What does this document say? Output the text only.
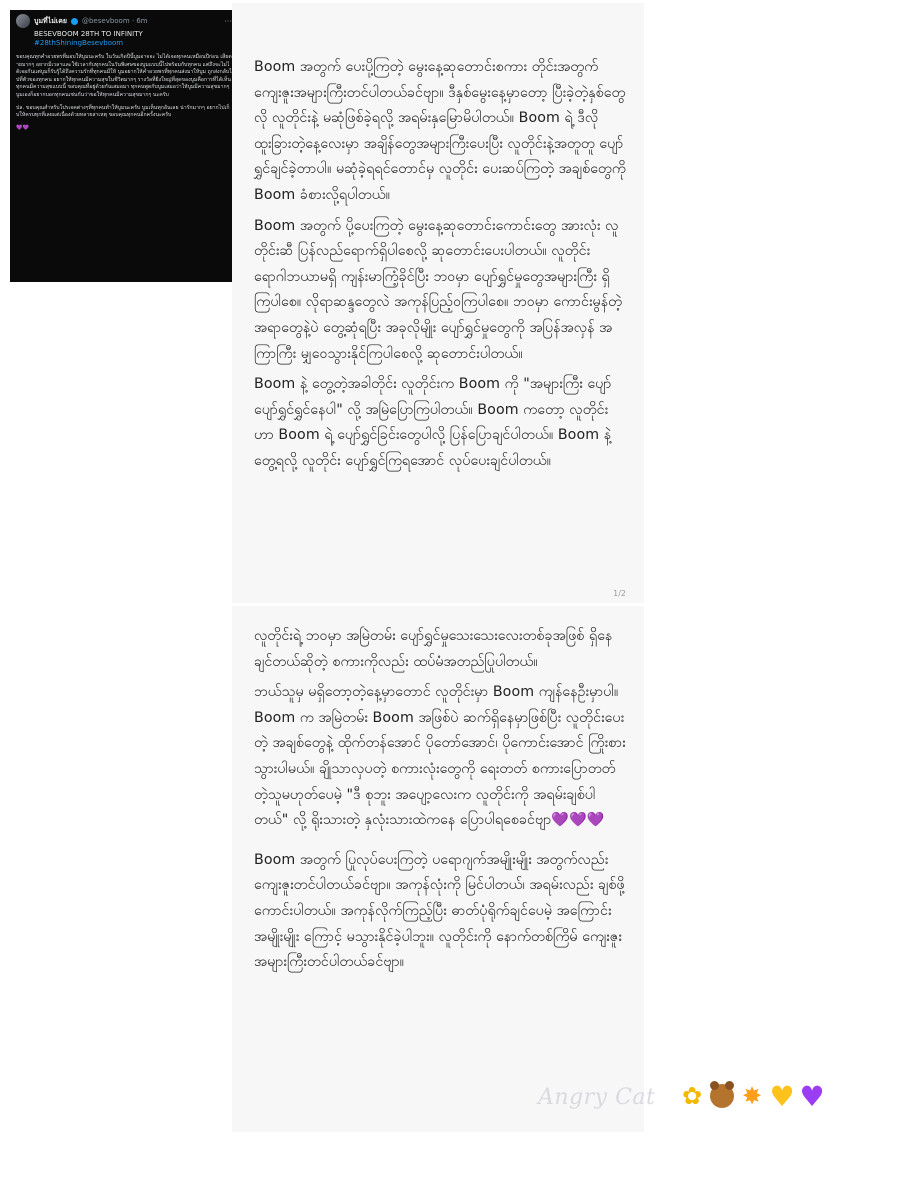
บูมที่ไม่เคย @besevboom · 6m	···
BESEVBOOM 28TH TO INFINITY
#28thShiningBesevboom

ขอบคุณทุกคำอวยพรที่มอบให้บูมนะครับ ในวันเกิดปีนี้บูมอาจจะ ไม่ได้เจอทุกคนเหมือนปีก่อน เสียดายมากๆ อยากมีเวลาและใช้เวลากับทุกคนในวันพิเศษของบูมแบบนี้ไปพร้อมกับทุกคน แต่ถึงจะไม่ได้เจอกันแต่บูมก็รับรู้ได้ถึงความรักที่ทุกคนมีให้ บูมอยากให้คำอวยพรที่ทุกคนส่งมาให้บูม ถูกส่งกลับไปที่ตัวของทุกคน อยากให้ทุกคนมีความสุขในชีวิตมากๆ รางวัลที่ยิ่งใหญ่ที่สุดของบูมคือการที่ได้เห็นทุกคนมีความสุขแบบนี้ ขอบคุณที่อยู่ด้วยกันเสมอมา ทุกคนพูดกับบูมเสมอว่าให้บูมมีความสุขมากๆ บูมเองก็อยากบอกทุกคนเช่นกันว่าขอให้ทุกคนมีความสุขมากๆ นะครับ

ปล. ขอบคุณสำหรับโปรเจคต่างๆที่ทุกคนทำให้บูมนะครับ บูมเห็นทุกอันเลย น่ารักมากๆ อยากไปเก็บให้ครบทุกที่เลยแต่เนื่องด้วยหลายสาเหตุ ขอบคุณทุกคนอีกครั้งนะครับ

💜💜

Boom အတွက် ပေးပို့ကြတဲ့ မွေးနေ့ဆုတောင်းစကား တိုင်းအတွက် ကျေးဇူးအများကြီးတင်ပါတယ်ခင်ဗျာ။ ဒီနှစ်မွေးနေ့မှာတော့ ပြီးခဲ့တဲ့နှစ်တွေလို လူတိုင်းနဲ့ မဆုံဖြစ်ခဲ့ရလို့ အရမ်းနှမြောမိပါတယ်။ Boom ရဲ့ ဒီလိုထူးခြားတဲ့နေ့လေးမှာ အချိန်တွေအများကြီးပေးပြီး လူတိုင်းနဲ့အတူတူ ပျော်ရွှင်ချင်ခဲ့တာပါ။ မဆုံခဲ့ရရင်တောင်မှ လူတိုင်း ပေးဆပ်ကြတဲ့ အချစ်တွေကို Boom ခံစားလို့ရပါတယ်။

Boom အတွက် ပို့ပေးကြတဲ့ မွေးနေ့ဆုတောင်းကောင်းတွေ အားလုံး လူတိုင်းဆီ ပြန်လည်ရောက်ရှိပါစေလို့ ဆုတောင်းပေးပါတယ်။ လူတိုင်း ရောဂါဘယာမရှိ ကျန်းမာကြံ့ခိုင်ပြီး ဘဝမှာ ပျော်ရွှင်မှုတွေအများကြီး ရှိကြပါစေ။ လိုရာဆန္ဒတွေလဲ အကုန်ပြည့်ဝကြပါစေ။ ဘဝမှာ ကောင်းမွန်တဲ့အရာတွေနဲ့ပဲ တွေ့ဆုံရပြီး အခုလိုမျိုး ပျော်ရွှင်မှုတွေကို အပြန်အလှန် အကြာကြီး မျှဝေသွားနိုင်ကြပါစေလို့ ဆုတောင်းပါတယ်။

Boom နဲ့ တွေ့တဲ့အခါတိုင်း လူတိုင်းက Boom ကို "အများကြီး ပျော်ပျော်ရွှင်ရွှင်နေပါ" လို့ အမြဲပြောကြပါတယ်။ Boom ကတော့ လူတိုင်းဟာ Boom ရဲ့ ပျော်ရွှင်ခြင်းတွေပါလို့ ပြန်ပြောချင်ပါတယ်။ Boom နဲ့ တွေ့ရလို့ လူတိုင်း ပျော်ရွှင်ကြရအောင် လုပ်ပေးချင်ပါတယ်။

1/2

လူတိုင်းရဲ့ ဘဝမှာ အမြဲတမ်း ပျော်ရွှင်မှုသေးသေးလေးတစ်ခုအဖြစ် ရှိနေချင်တယ်ဆိုတဲ့ စကားကိုလည်း ထပ်မံအတည်ပြုပါတယ်။

ဘယ်သူမှ မရှိတော့တဲ့နေ့မှာတောင် လူတိုင်းမှာ Boom ကျန်နေဦးမှာပါ။ Boom က အမြဲတမ်း Boom အဖြစ်ပဲ ဆက်ရှိနေမှာဖြစ်ပြီး လူတိုင်းပေးတဲ့ အချစ်တွေနဲ့ ထိုက်တန်အောင် ပိုတော်အောင်၊ ပိုကောင်းအောင် ကြိုးစားသွားပါမယ်။ ချိုသာလှပတဲ့ စကားလုံးတွေကို ရေးတတ် စကားပြောတတ်တဲ့သူမဟုတ်ပေမဲ့ "ဒီ စုဘူး အပျော့လေးက လူတိုင်းကို အရမ်းချစ်ပါတယ်" လို့ ရိုးသားတဲ့ နှလုံးသားထဲကနေ ပြောပါရစေခင်ဗျာ💜💜💜

Boom အတွက် ပြုလုပ်ပေးကြတဲ့ ပရောဂျက်အမျိုးမျိုး အတွက်လည်း ကျေးဇူးတင်ပါတယ်ခင်ဗျာ။ အကုန်လုံးကို မြင်ပါတယ်၊ အရမ်းလည်း ချစ်ဖို့ကောင်းပါတယ်။ အကုန်လိုက်ကြည့်ပြီး ဓာတ်ပုံရိုက်ချင်ပေမဲ့ အကြောင်းအမျိုးမျိုး ကြောင့် မသွားနိုင်ခဲ့ပါဘူး။ လူတိုင်းကို နောက်တစ်ကြိမ် ကျေးဇူးအများကြီးတင်ပါတယ်ခင်ဗျာ။

Angry Cat ✿ ✸ ♥ ♥
